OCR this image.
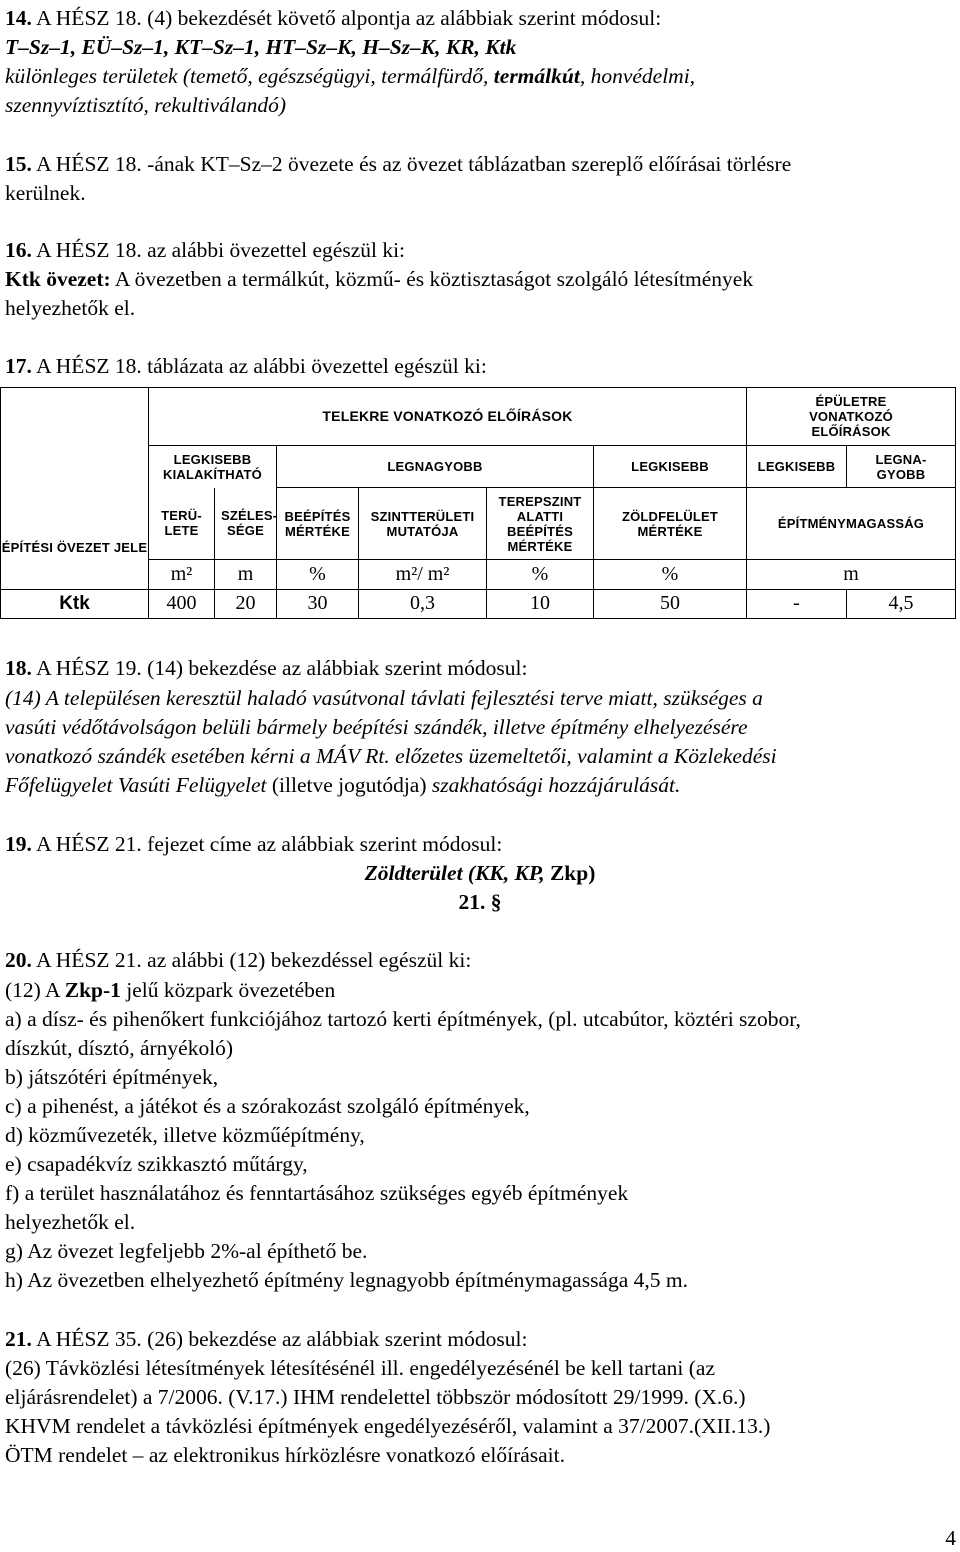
14. A HÉSZ 18. (4) bekezdését követő alpontja az alábbiak szerint módosul:
T–Sz–1, EÜ–Sz–1, KT–Sz–1, HT–Sz–K, H–Sz–K, KR, Ktk
különleges területek (temető, egészségügyi, termálfürdő, termálkút, honvédelmi,
szennyvíztisztító, rekultiválandó)
15. A HÉSZ 18. -ának KT–Sz–2 övezete és az övezet táblázatban szereplő előírásai törlésre
kerülnek.
16. A HÉSZ 18. az alábbi övezettel egészül ki:
Ktk övezet: A övezetben a termálkút, közmű- és köztisztaságot szolgáló létesítmények
helyezhetők el.
17. A HÉSZ 18. táblázata az alábbi övezettel egészül ki:
ÉPÍTÉSI ÖVEZET JELE	TELEKRE VONATKOZÓ ELŐÍRÁSOK						ÉPÜLETRE VONATKOZÓ ELŐÍRÁSOK	
	LEGKISEBB KIALAKÍTHATÓ		LEGNAGYOBB			LEGKISEBB	LEGKISEBB	LEGNA-GYOBB
	TERÜ-LETE	SZÉLES-SÉGE	BEÉPÍTÉS MÉRTÉKE	SZINTTERÜLETI MUTATÓJA	TEREPSZINT ALATTI BEÉPÍTÉS MÉRTÉKE	ZÖLDFELÜLET MÉRTÉKE	ÉPÍTMÉNYMAGASSÁG	
	m²	m	%	m²/ m²	%	%	m	
Ktk	400	20	30	0,3	10	50	-	4,5
18. A HÉSZ 19. (14) bekezdése az alábbiak szerint módosul:
(14) A településen keresztül haladó vasútvonal távlati fejlesztési terve miatt, szükséges a
vasúti védőtávolságon belüli bármely beépítési szándék, illetve építmény elhelyezésére
vonatkozó szándék esetében kérni a MÁV Rt. előzetes üzemeltetői, valamint a Közlekedési
Főfelügyelet Vasúti Felügyelet (illetve jogutódja) szakhatósági hozzájárulását.
19. A HÉSZ 21. fejezet címe az alábbiak szerint módosul:
Zöldterület (KK, KP, Zkp)
21. §
20. A HÉSZ 21. az alábbi (12) bekezdéssel egészül ki:
(12) A Zkp-1 jelű közpark övezetében
a) a dísz- és pihenőkert funkciójához tartozó kerti építmények, (pl. utcabútor, köztéri szobor,
díszkút, dísztó, árnyékoló)
b) játszótéri építmények,
c) a pihenést, a játékot és a szórakozást szolgáló építmények,
d) közművezeték, illetve közműépítmény,
e) csapadékvíz szikkasztó műtárgy,
f) a terület használatához és fenntartásához szükséges egyéb építmények
helyezhetők el.
g) Az övezet legfeljebb 2%-al építhető be.
h) Az övezetben elhelyezhető építmény legnagyobb építménymagassága 4,5 m.
21. A HÉSZ 35. (26) bekezdése az alábbiak szerint módosul:
(26) Távközlési létesítmények létesítésénél ill. engedélyezésénél be kell tartani (az
eljárásrendelet) a 7/2006. (V.17.) IHM rendelettel többször módosított 29/1999. (X.6.)
KHVM rendelet a távközlési építmények engedélyezéséről, valamint a 37/2007.(XII.13.)
ÖTM rendelet – az elektronikus hírközlésre vonatkozó előírásait.
4
